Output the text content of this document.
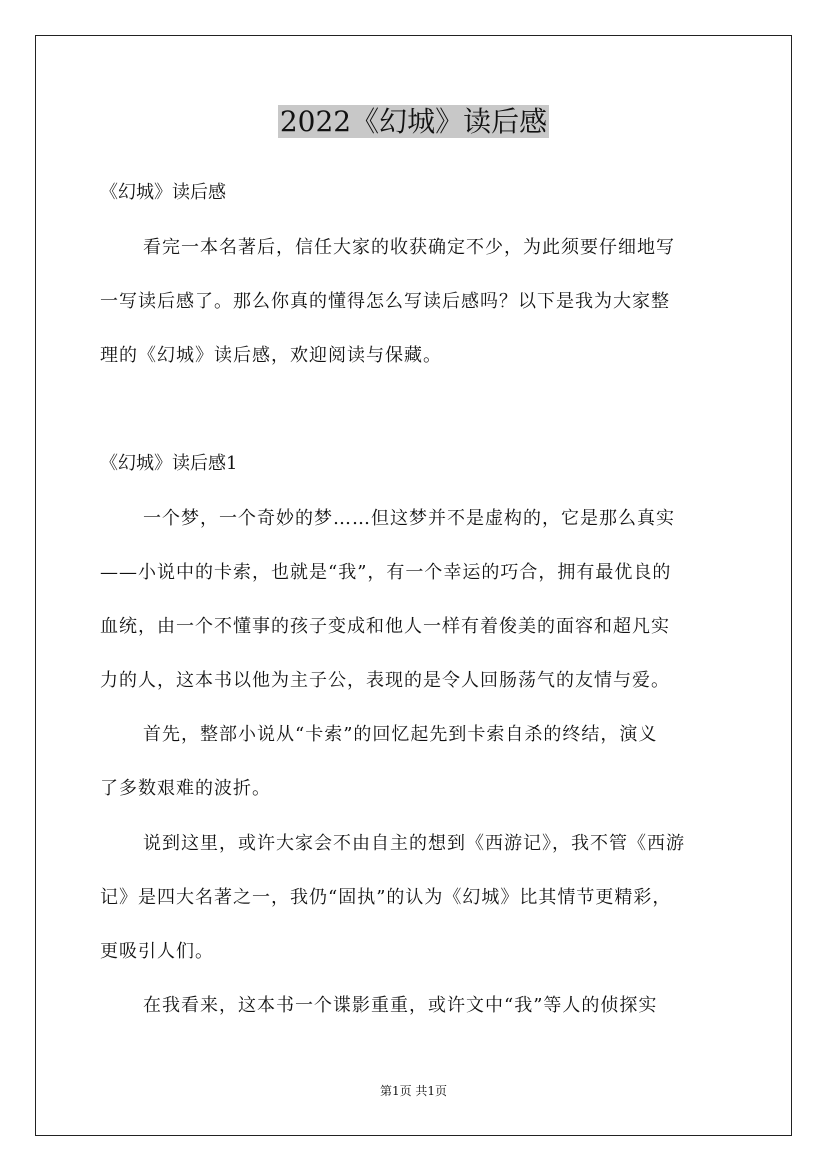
2022《幻城》读后感
《幻城》读后感
看完一本名著后，信任大家的收获确定不少，为此须要仔细地写
一写读后感了。那么你真的懂得怎么写读后感吗？以下是我为大家整
理的《幻城》读后感，欢迎阅读与保藏。
《幻城》读后感1
一个梦，一个奇妙的梦……但这梦并不是虚构的，它是那么真实
——小说中的卡索，也就是“我”，有一个幸运的巧合，拥有最优良的
血统，由一个不懂事的孩子变成和他人一样有着俊美的面容和超凡实
力的人，这本书以他为主子公，表现的是令人回肠荡气的友情与爱。
首先，整部小说从“卡索”的回忆起先到卡索自杀的终结，演义
了多数艰难的波折。
说到这里，或许大家会不由自主的想到《西游记》，我不管《西游
记》是四大名著之一，我仍“固执”的认为《幻城》比其情节更精彩，
更吸引人们。
在我看来，这本书一个谍影重重，或许文中“我”等人的侦探实
第1页 共1页
